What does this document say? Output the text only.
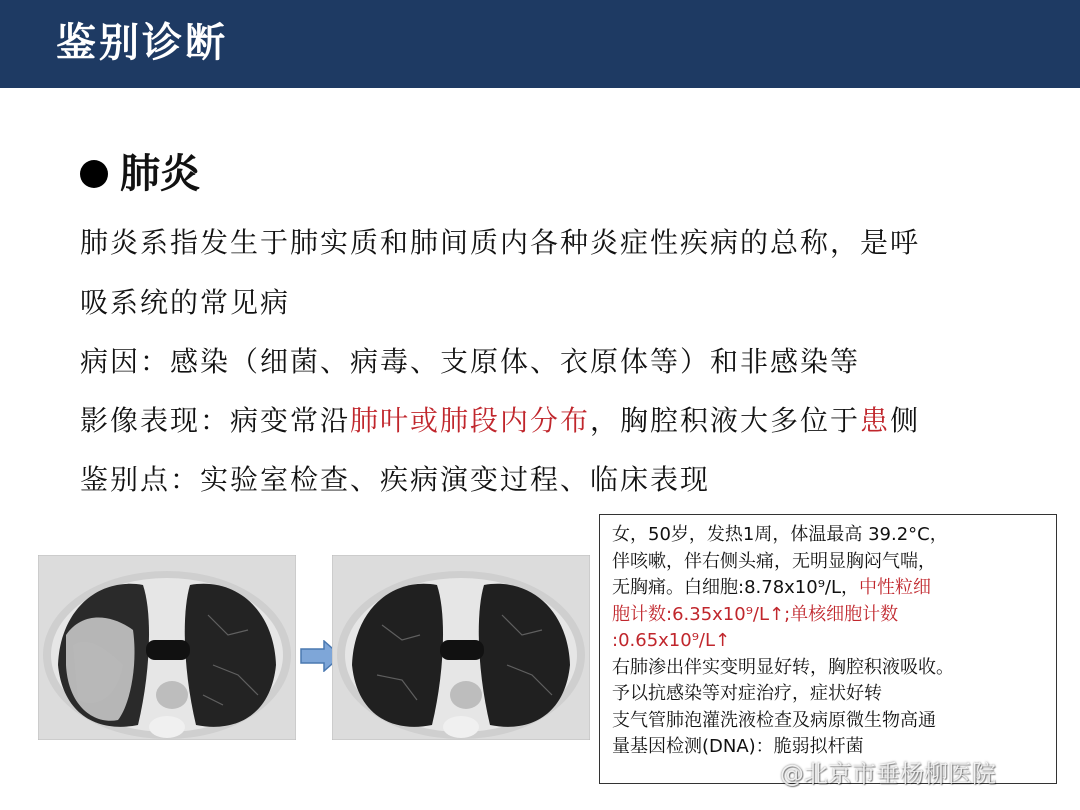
鉴别诊断
肺炎
肺炎系指发生于肺实质和肺间质内各种炎症性疾病的总称，是呼
吸系统的常见病
病因：感染（细菌、病毒、支原体、衣原体等）和非感染等
影像表现：病变常沿肺叶或肺段内分布，胸腔积液大多位于患侧
鉴别点：实验室检查、疾病演变过程、临床表现
女，50岁，发热1周，体温最高 39.2°C，
伴咳嗽，伴右侧头痛，无明显胸闷气喘，
无胸痛。白细胞:8.78x10⁹/L，中性粒细
胞计数:6.35x10⁹/L↑;单核细胞计数
:0.65x10⁹/L↑
右肺渗出伴实变明显好转，胸腔积液吸收。
予以抗感染等对症治疗，症状好转
支气管肺泡灌洗液检查及病原微生物高通
量基因检测(DNA)：脆弱拟杆菌
@北京市垂杨柳医院
